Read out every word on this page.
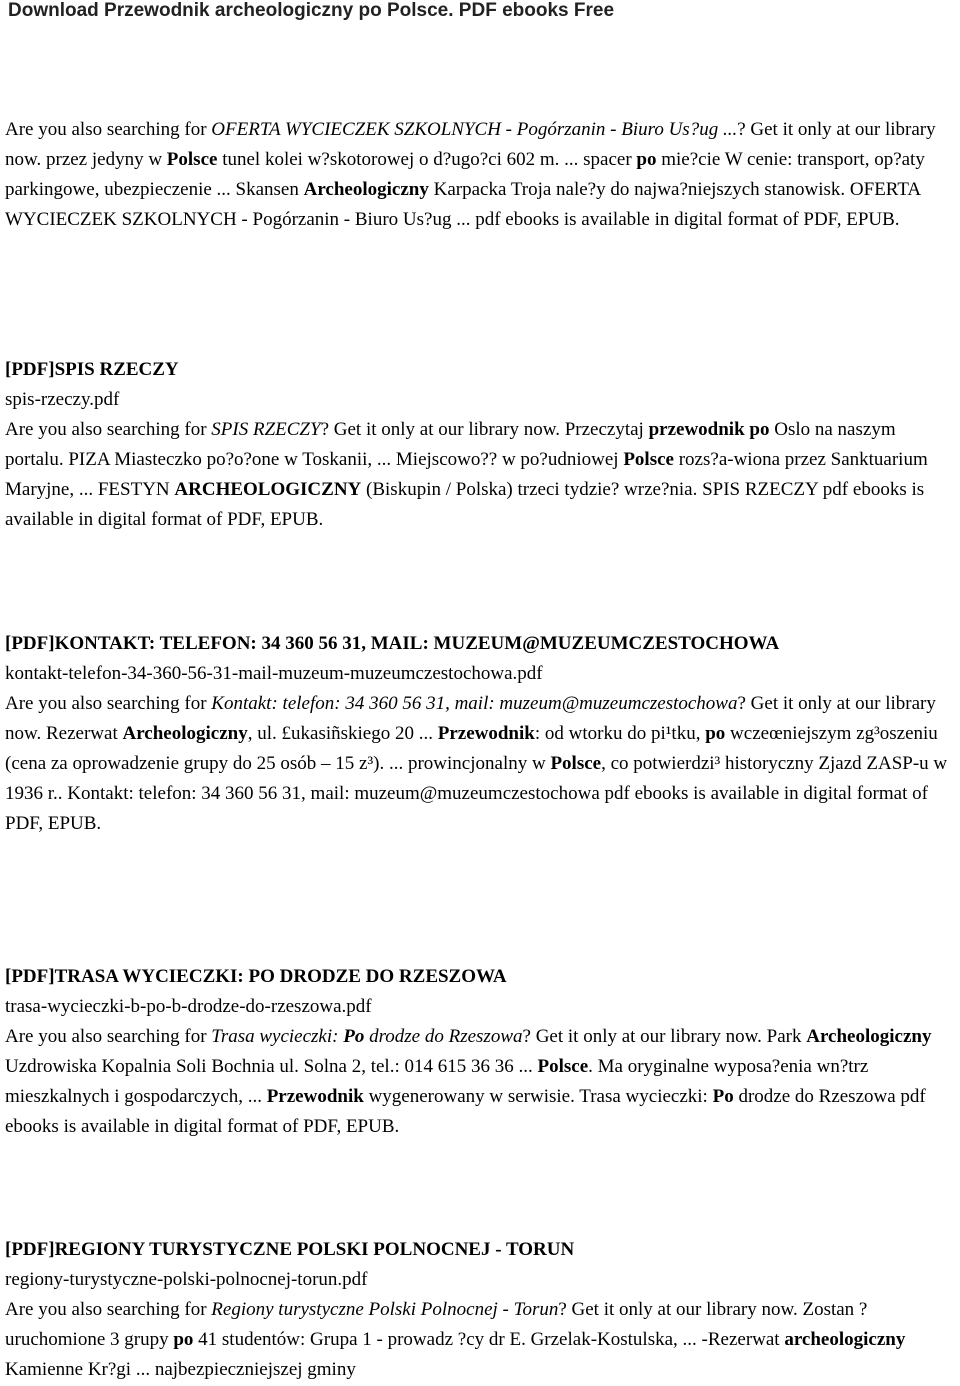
Download Przewodnik archeologiczny po Polsce. PDF ebooks Free

Are you also searching for OFERTA WYCIECZEK SZKOLNYCH - Pogórzanin - Biuro Us?ug ...? Get it only at our library now. przez jedyny w Polsce tunel kolei w?skotorowej o d?ugo?ci 602 m. ... spacer po mie?cie W cenie: transport, op?aty parkingowe, ubezpieczenie ... Skansen Archeologiczny Karpacka Troja nale?y do najwa?niejszych stanowisk. OFERTA WYCIECZEK SZKOLNYCH - Pogórzanin - Biuro Us?ug ... pdf ebooks is available in digital format of PDF, EPUB.

[PDF]SPIS RZECZY

spis-rzeczy.pdf

Are you also searching for SPIS RZECZY? Get it only at our library now. Przeczytaj przewodnik po Oslo na naszym portalu. PIZA Miasteczko po?o?one w Toskanii, ... Miejscowo?? w po?udniowej Polsce rozs?a-wiona przez Sanktuarium Maryjne, ... FESTYN ARCHEOLOGICZNY (Biskupin / Polska) trzeci tydzie? wrze?nia. SPIS RZECZY pdf ebooks is available in digital format of PDF, EPUB.

[PDF]KONTAKT: TELEFON: 34 360 56 31, MAIL: MUZEUM@MUZEUMCZESTOCHOWA

kontakt-telefon-34-360-56-31-mail-muzeum-muzeumczestochowa.pdf

Are you also searching for Kontakt: telefon: 34 360 56 31, mail: muzeum@muzeumczestochowa? Get it only at our library now. Rezerwat Archeologiczny, ul. £ukasiñskiego 20 ... Przewodnik: od wtorku do pi¹tku, po wczeœniejszym zg³oszeniu (cena za oprowadzenie grupy do 25 osób – 15 z³). ... prowincjonalny w Polsce, co potwierdzi³ historyczny Zjazd ZASP-u w 1936 r.. Kontakt: telefon: 34 360 56 31, mail: muzeum@muzeumczestochowa pdf ebooks is available in digital format of PDF, EPUB.

[PDF]TRASA WYCIECZKI: PO DRODZE DO RZESZOWA

trasa-wycieczki-b-po-b-drodze-do-rzeszowa.pdf

Are you also searching for Trasa wycieczki: Po drodze do Rzeszowa? Get it only at our library now. Park Archeologiczny Uzdrowiska Kopalnia Soli Bochnia ul. Solna 2, tel.: 014 615 36 36 ... Polsce. Ma oryginalne wyposa?enia wn?trz mieszkalnych i gospodarczych, ... Przewodnik wygenerowany w serwisie. Trasa wycieczki: Po drodze do Rzeszowa pdf ebooks is available in digital format of PDF, EPUB.

[PDF]REGIONY TURYSTYCZNE POLSKI POLNOCNEJ - TORUN

regiony-turystyczne-polski-polnocnej-torun.pdf

Are you also searching for Regiony turystyczne Polski Polnocnej - Torun? Get it only at our library now. Zostan ? uruchomione 3 grupy po 41 studentów: Grupa 1 - prowadz ?cy dr E. Grzelak-Kostulska, ... -Rezerwat archeologiczny Kamienne Kr?gi ... najbezpieczniejszej gminy
